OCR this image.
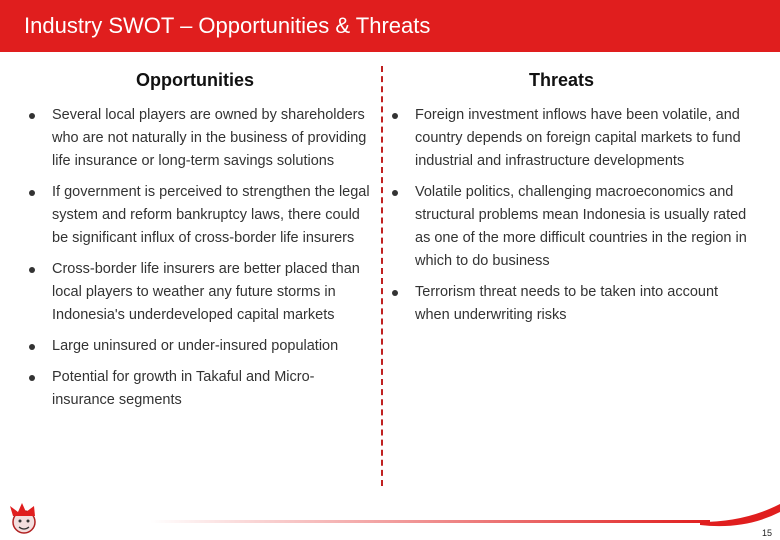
Industry SWOT – Opportunities & Threats
Opportunities	Threats
Several local players are owned by shareholders who are not naturally in the business of providing life insurance or long-term savings solutions
If government is perceived to strengthen the legal system and reform bankruptcy laws, there could be significant influx of cross-border life insurers
Cross-border life insurers are better placed than local players to weather any future storms in Indonesia's underdeveloped capital markets
Large uninsured or under-insured population
Potential for growth in Takaful and Micro-insurance segments
Foreign investment inflows have been volatile, and country depends on foreign capital markets to fund industrial and infrastructure developments
Volatile politics, challenging macroeconomics and structural problems mean Indonesia is usually rated as one of the more difficult countries in the region in which to do business
Terrorism threat needs to be taken into account when underwriting risks
15
